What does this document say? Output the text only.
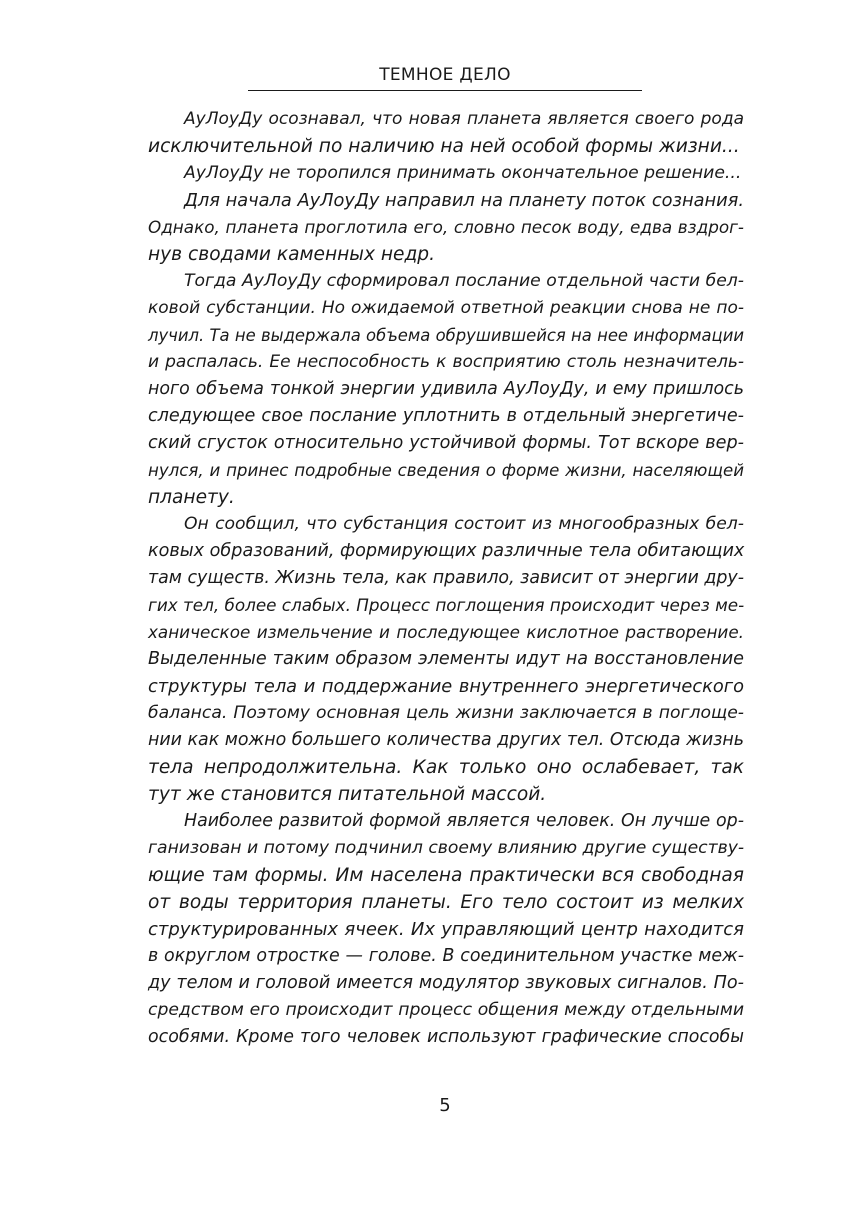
ТЕМНОЕ ДЕЛО
АуЛоуДу осознавал, что новая планета является своего рода
исключительной по наличию на ней особой формы жизни...
АуЛоуДу не торопился принимать окончательное решение...
Для начала АуЛоуДу направил на планету поток сознания.
Однако, планета проглотила его, словно песок воду, едва вздрог-
нув сводами каменных недр.
Тогда АуЛоуДу сформировал послание отдельной части бел-
ковой субстанции. Но ожидаемой ответной реакции снова не по-
лучил. Та не выдержала объема обрушившейся на нее информации
и распалась. Ее неспособность к восприятию столь незначитель-
ного объема тонкой энергии удивила АуЛоуДу, и ему пришлось
следующее свое послание уплотнить в отдельный энергетиче-
ский сгусток относительно устойчивой формы. Тот вскоре вер-
нулся, и принес подробные сведения о форме жизни, населяющей
планету.
Он сообщил, что субстанция состоит из многообразных бел-
ковых образований, формирующих различные тела обитающих
там существ. Жизнь тела, как правило, зависит от энергии дру-
гих тел, более слабых. Процесс поглощения происходит через ме-
ханическое измельчение и последующее кислотное растворение.
Выделенные таким образом элементы идут на восстановление
структуры тела и поддержание внутреннего энергетического
баланса. Поэтому основная цель жизни заключается в поглоще-
нии как можно большего количества других тел. Отсюда жизнь
тела непродолжительна. Как только оно ослабевает, так
тут же становится питательной массой.
Наиболее развитой формой является человек. Он лучше ор-
ганизован и потому подчинил своему влиянию другие существу-
ющие там формы. Им населена практически вся свободная
от воды территория планеты. Его тело состоит из мелких
структурированных ячеек. Их управляющий центр находится
в округлом отростке — голове. В соединительном участке меж-
ду телом и головой имеется модулятор звуковых сигналов. По-
средством его происходит процесс общения между отдельными
особями. Кроме того человек используют графические способы
5
